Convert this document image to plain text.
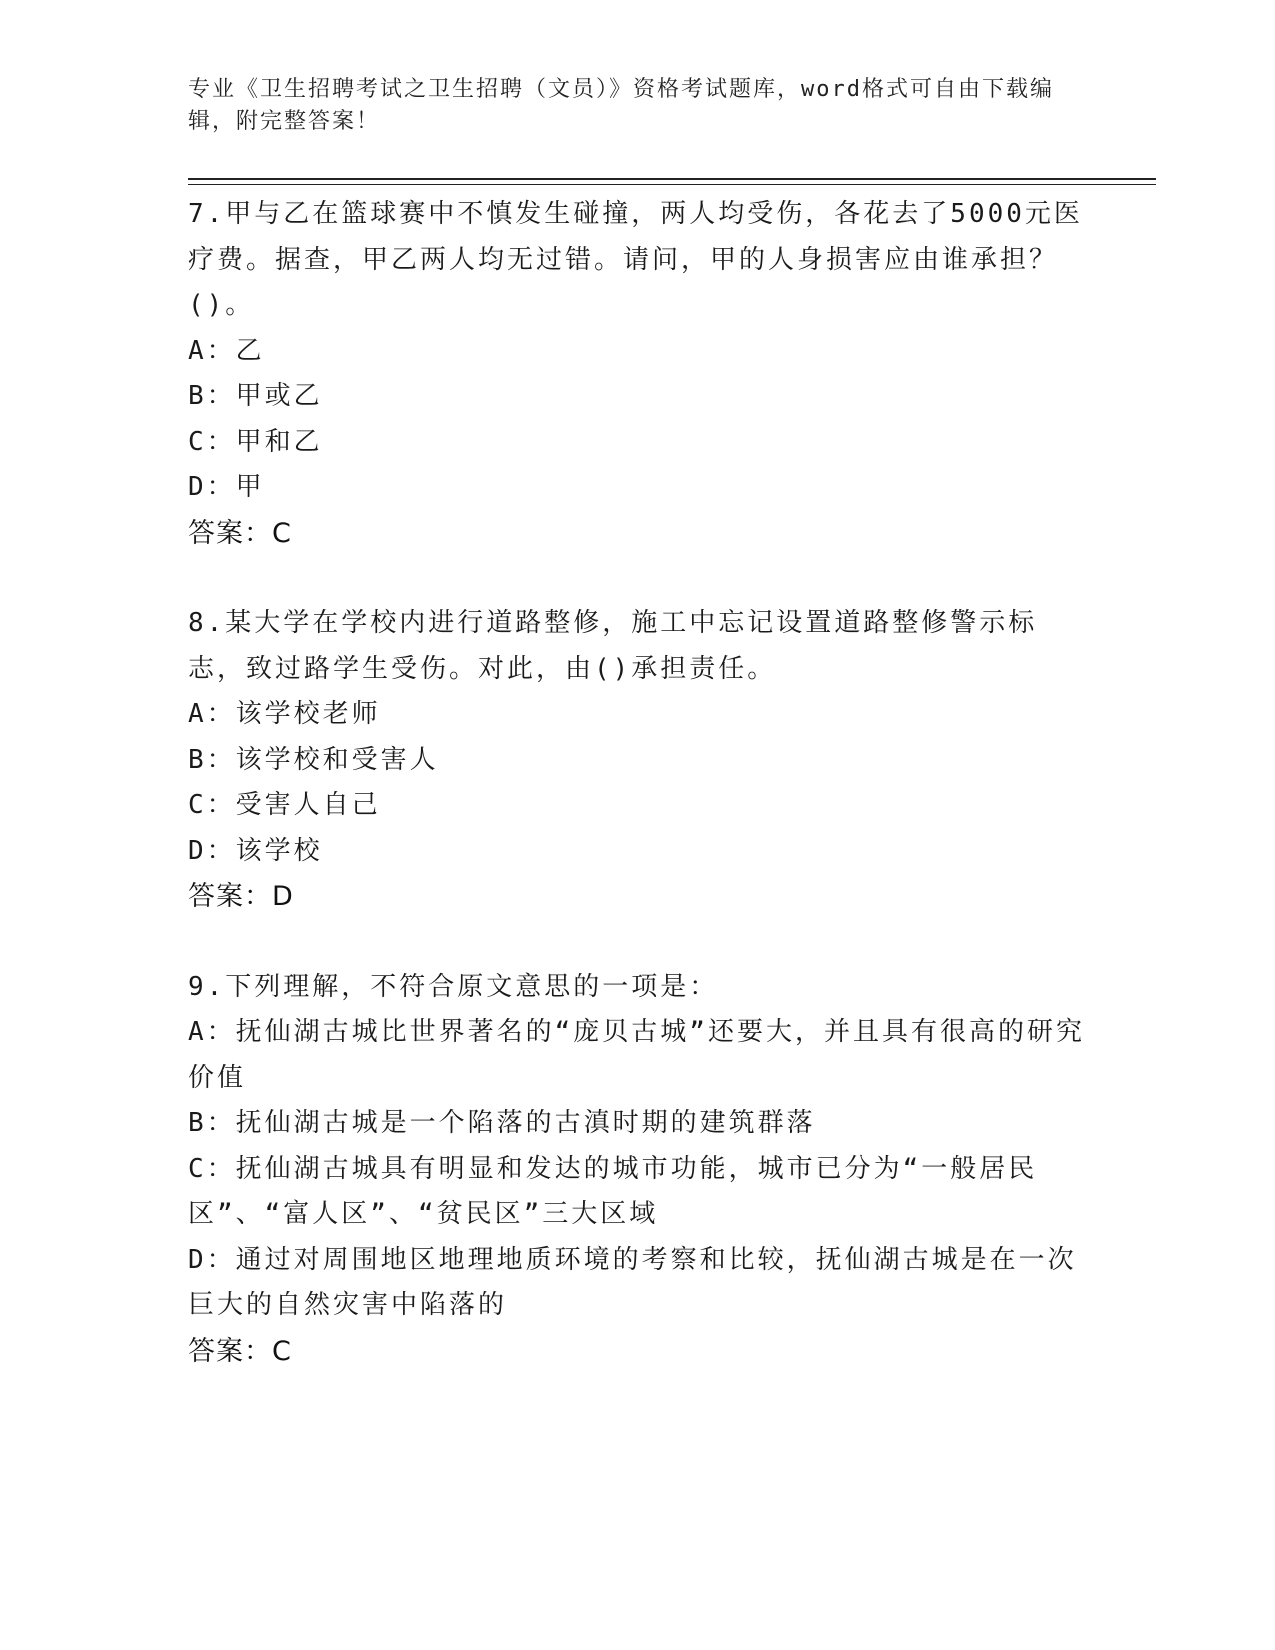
专业《卫生招聘考试之卫生招聘（文员）》资格考试题库，word格式可自由下载编辑，附完整答案！

7.甲与乙在篮球赛中不慎发生碰撞，两人均受伤，各花去了5000元医疗费。据查，甲乙两人均无过错。请问，甲的人身损害应由谁承担？()。

A：乙

B：甲或乙

C：甲和乙

D：甲

答案：C

8.某大学在学校内进行道路整修，施工中忘记设置道路整修警示标志，致过路学生受伤。对此，由()承担责任。

A：该学校老师

B：该学校和受害人

C：受害人自己

D：该学校

答案：D

9.下列理解，不符合原文意思的一项是：

A：抚仙湖古城比世界著名的“庞贝古城”还要大，并且具有很高的研究价值

B：抚仙湖古城是一个陷落的古滇时期的建筑群落

C：抚仙湖古城具有明显和发达的城市功能，城市已分为“一般居民区”、“富人区”、“贫民区”三大区域

D：通过对周围地区地理地质环境的考察和比较，抚仙湖古城是在一次巨大的自然灾害中陷落的

答案：C
